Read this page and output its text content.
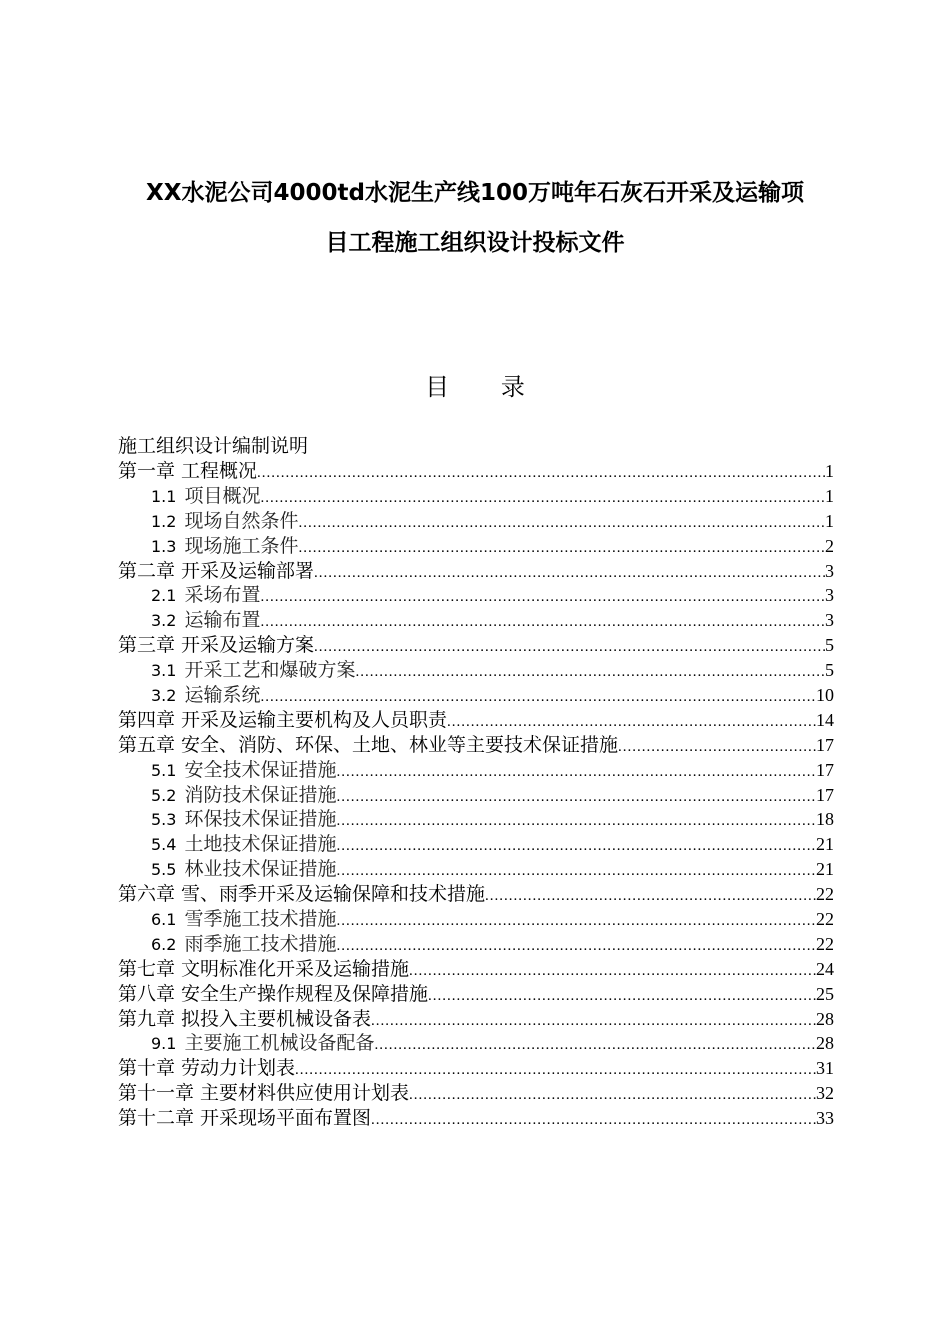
XX水泥公司4000td水泥生产线100万吨年石灰石开采及运输项
目工程施工组织设计投标文件
目 录
施工组织设计编制说明
第一章 工程概况 .....	1
1.1 项目概况 .....	1
1.2 现场自然条件 .....	1
1.3 现场施工条件 .....	2
第二章 开采及运输部署 .....	3
2.1 采场布置 .....	3
3.2 运输布置 .....	3
第三章 开采及运输方案 .....	5
3.1 开采工艺和爆破方案 .....	5
3.2 运输系统 .....	10
第四章 开采及运输主要机构及人员职责 .....	14
第五章 安全、消防、环保、土地、林业等主要技术保证措施 .....	17
5.1 安全技术保证措施 .....	17
5.2 消防技术保证措施 .....	17
5.3 环保技术保证措施 .....	18
5.4 土地技术保证措施 .....	21
5.5 林业技术保证措施 .....	21
第六章 雪、雨季开采及运输保障和技术措施 .....	22
6.1 雪季施工技术措施 .....	22
6.2 雨季施工技术措施 .....	22
第七章 文明标准化开采及运输措施 .....	24
第八章 安全生产操作规程及保障措施 .....	25
第九章 拟投入主要机械设备表 .....	28
9.1 主要施工机械设备配备 .....	28
第十章 劳动力计划表 .....	31
第十一章 主要材料供应使用计划表 .....	32
第十二章 开采现场平面布置图 .....	33
